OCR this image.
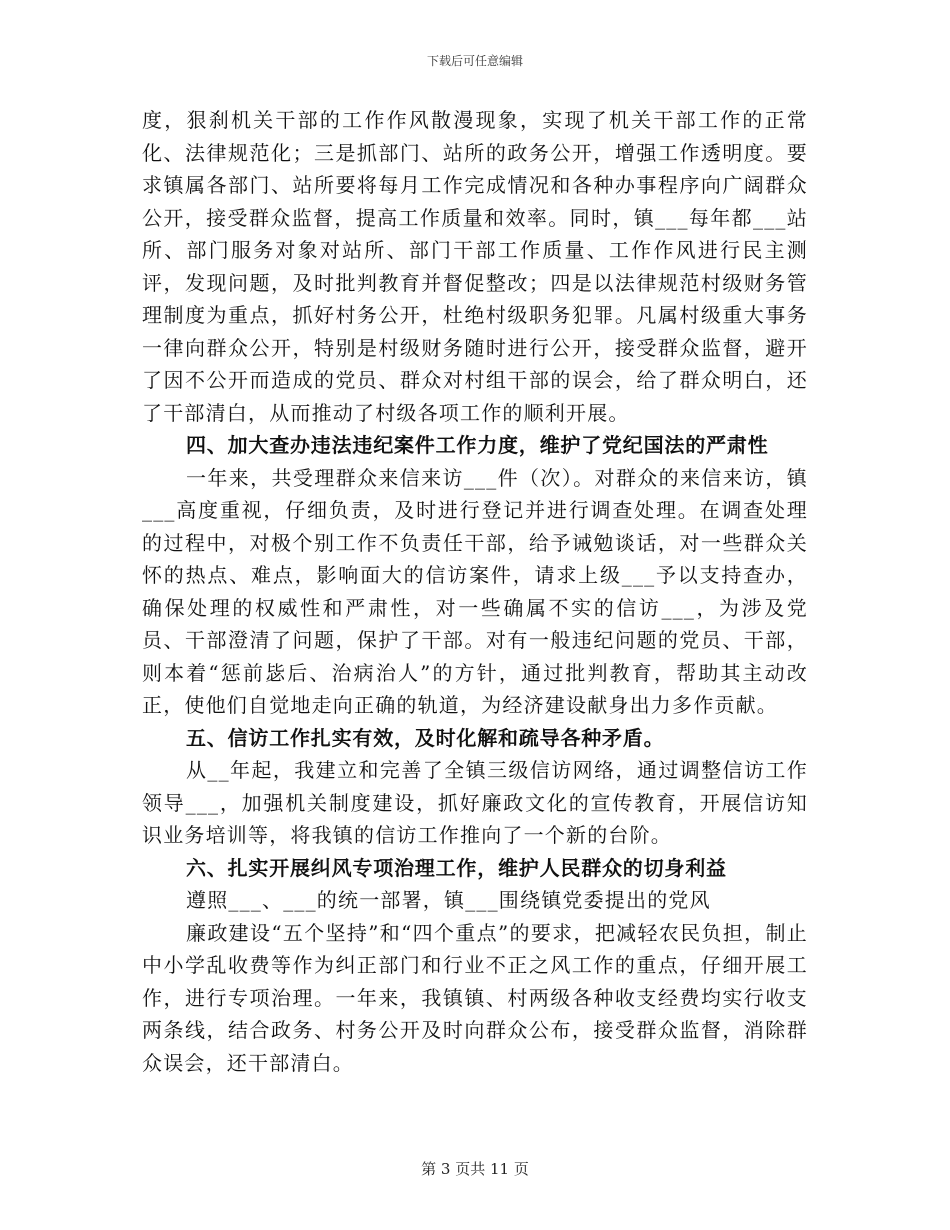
下载后可任意编辑

度，狠刹机关干部的工作作风散漫现象，实现了机关干部工作的正常化、法律规范化；三是抓部门、站所的政务公开，增强工作透明度。要求镇属各部门、站所要将每月工作完成情况和各种办事程序向广阔群众公开，接受群众监督，提高工作质量和效率。同时，镇___每年都___站所、部门服务对象对站所、部门干部工作质量、工作作风进行民主测评，发现问题，及时批判教育并督促整改；四是以法律规范村级财务管理制度为重点，抓好村务公开，杜绝村级职务犯罪。凡属村级重大事务一律向群众公开，特别是村级财务随时进行公开，接受群众监督，避开了因不公开而造成的党员、群众对村组干部的误会，给了群众明白，还了干部清白，从而推动了村级各项工作的顺利开展。

四、加大查办违法违纪案件工作力度，维护了党纪国法的严肃性

一年来，共受理群众来信来访___件（次）。对群众的来信来访，镇___高度重视，仔细负责，及时进行登记并进行调查处理。在调查处理的过程中，对极个别工作不负责任干部，给予诫勉谈话，对一些群众关怀的热点、难点，影响面大的信访案件，请求上级___予以支持查办，确保处理的权威性和严肃性，对一些确属不实的信访___，为涉及党员、干部澄清了问题，保护了干部。对有一般违纪问题的党员、干部，则本着“惩前毖后、治病治人”的方针，通过批判教育，帮助其主动改正，使他们自觉地走向正确的轨道，为经济建设献身出力多作贡献。

五、信访工作扎实有效，及时化解和疏导各种矛盾。

从__年起，我建立和完善了全镇三级信访网络，通过调整信访工作领导___，加强机关制度建设，抓好廉政文化的宣传教育，开展信访知识业务培训等，将我镇的信访工作推向了一个新的台阶。

六、扎实开展纠风专项治理工作，维护人民群众的切身利益

遵照___、___的统一部署，镇___围绕镇党委提出的党风

廉政建设“五个坚持”和“四个重点”的要求，把减轻农民负担，制止中小学乱收费等作为纠正部门和行业不正之风工作的重点，仔细开展工作，进行专项治理。一年来，我镇镇、村两级各种收支经费均实行收支两条线，结合政务、村务公开及时向群众公布，接受群众监督，消除群众误会，还干部清白。

第 3 页共 11 页
